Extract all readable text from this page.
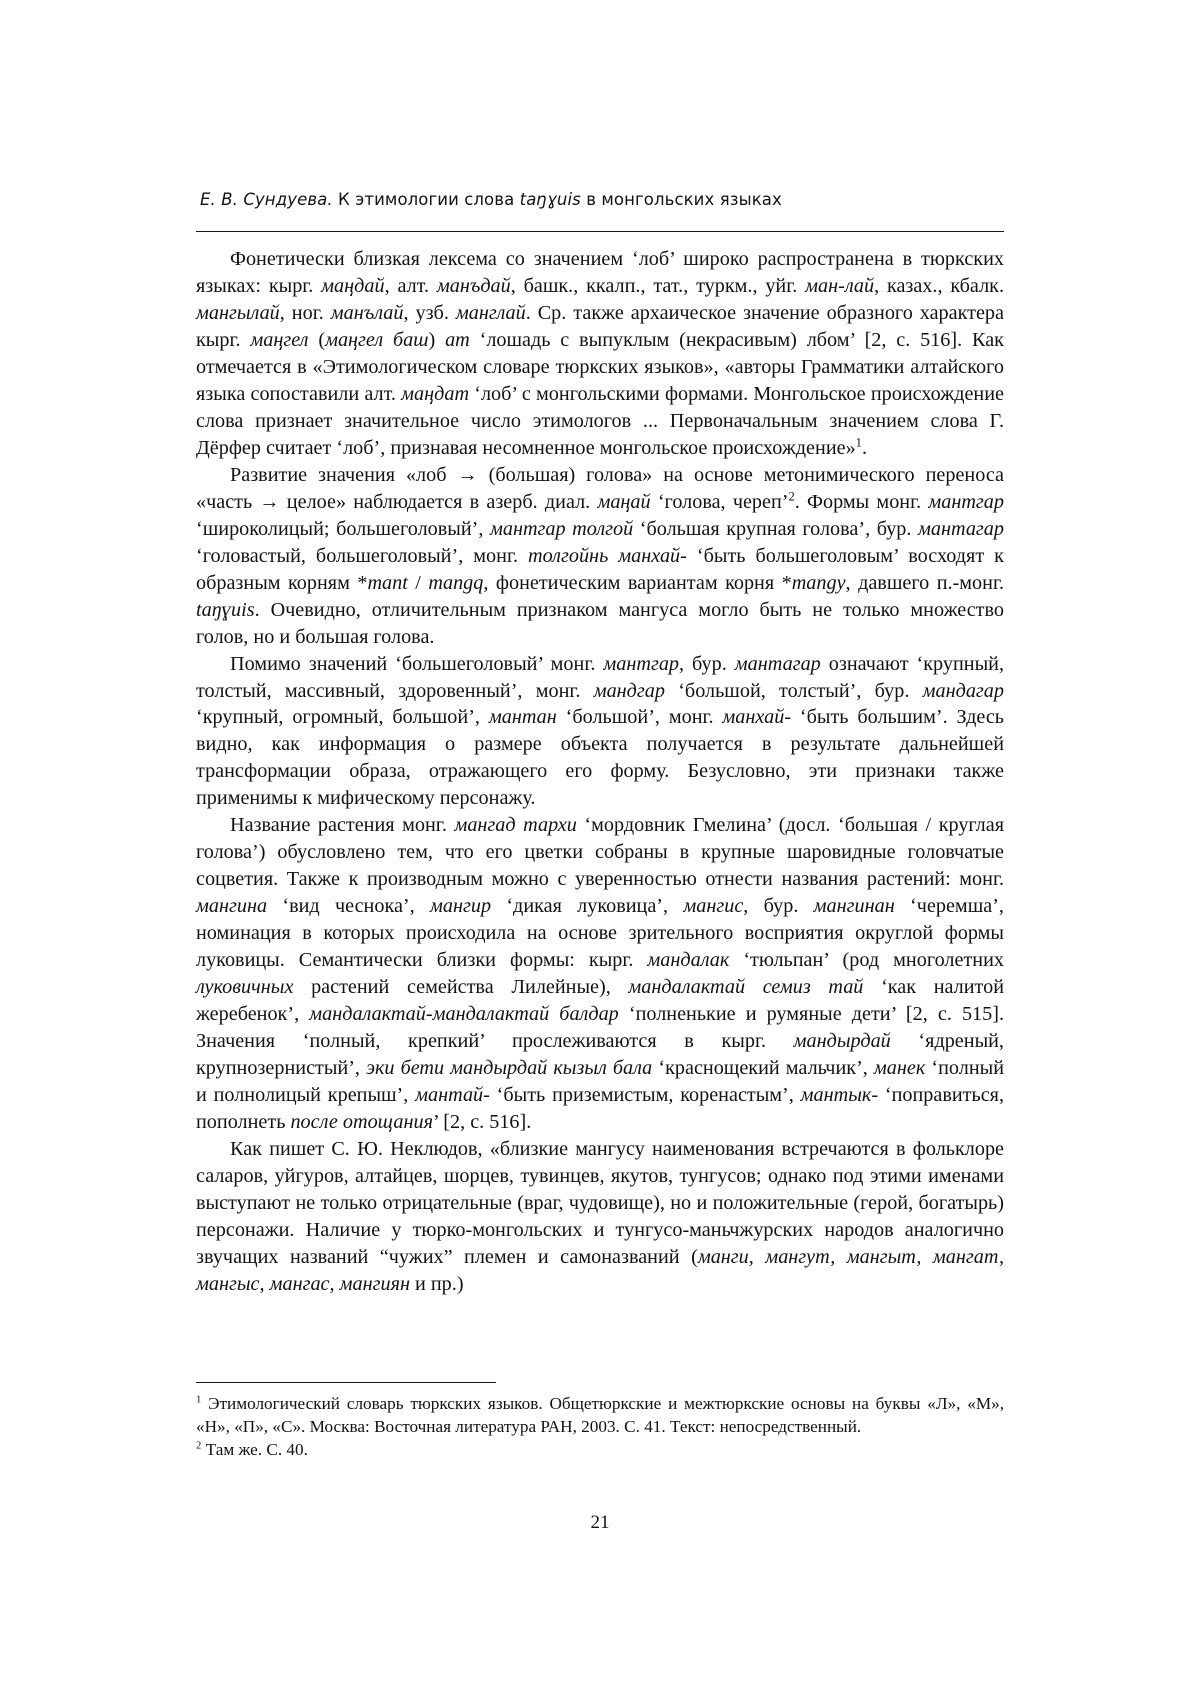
Е. В. Сундуева. К этимологии слова taŋɣuis в монгольских языках

Фонетически близкая лексема со значением ‘лоб’ широко распространена в тюркских языках: кырг. маңдай, алт. манъдай, башк., ккалп., тат., туркм., уйг. ман-лай, казах., кбалк. мангылай, ног. манълай, узб. манглай. Ср. также архаическое значение образного характера кырг. маңгел (маңгел баш) ат ‘лошадь с выпуклым (некрасивым) лбом’ [2, с. 516]. Как отмечается в «Этимологическом словаре тюркских языков», «авторы Грамматики алтайского языка сопоставили алт. маңдат ‘лоб’ с монгольскими формами. Монгольское происхождение слова признает значительное число этимологов ... Первоначальным значением слова Г. Дёрфер считает ‘лоб’, признавая несомненное монгольское происхождение»$^1$.

Развитие значения «лоб → (большая) голова» на основе метонимического переноса «часть → целое» наблюдается в азерб. диал. маңай ‘голова, череп’$^2$. Формы монг. мантгар ‘широколицый; большеголовый’, мантгар толгой ‘большая крупная голова’, бур. мантагар ‘головастый, большеголовый’, монг. толгойнь манхай- ‘быть большеголовым’ восходят к образным корням *mant / mangq, фонетическим вариантам корня *mangy, давшего п.-монг. taŋɣuis. Очевидно, отличительным признаком мангуса могло быть не только множество голов, но и большая голова.

Помимо значений ‘большеголовый’ монг. мантгар, бур. мантагар означают ‘крупный, толстый, массивный, здоровенный’, монг. мандгар ‘большой, толстый’, бур. мандагар ‘крупный, огромный, большой’, мантан ‘большой’, монг. манхай- ‘быть большим’. Здесь видно, как информация о размере объекта получается в результате дальнейшей трансформации образа, отражающего его форму. Безусловно, эти признаки также применимы к мифическому персонажу.

Название растения монг. мангад тархи ‘мордовник Гмелина’ (досл. ‘большая / круглая голова’) обусловлено тем, что его цветки собраны в крупные шаровидные головчатые соцветия. Также к производным можно с уверенностью отнести названия растений: монг. мангина ‘вид чеснока’, мангир ‘дикая луковица’, мангис, бур. мангинан ‘черемша’, номинация в которых происходила на основе зрительного восприятия округлой формы луковицы. Семантически близки формы: кырг. мандалак ‘тюльпан’ (род многолетних луковичных растений семейства Лилейные), мандалактай семиз тай ‘как налитой жеребенок’, мандалактай-мандалактай балдар ‘полненькие и румяные дети’ [2, с. 515]. Значения ‘полный, крепкий’ прослеживаются в кырг. мандырдай ‘ядреный, крупнозернистый’, эки бети мандырдай кызыл бала ‘краснощекий мальчик’, манек ‘полный и полнолицый крепыш’, мантай- ‘быть приземистым, коренастым’, мантык- ‘поправиться, пополнеть после отощания’ [2, с. 516].

Как пишет С. Ю. Неклюдов, «близкие мангусу наименования встречаются в фольклоре саларов, уйгуров, алтайцев, шорцев, тувинцев, якутов, тунгусов; однако под этими именами выступают не только отрицательные (враг, чудовище), но и положительные (герой, богатырь) персонажи. Наличие у тюрко-монгольских и тунгусо-маньчжурских народов аналогично звучащих названий “чужих” племен и самоназваний (манги, мангут, мангыт, мангат, мангыс, мангас, мангиян и пр.)

$^1$ Этимологический словарь тюркских языков. Общетюркские и межтюркские основы на буквы «Л», «М», «Н», «П», «С». Москва: Восточная литература РАН, 2003. С. 41. Текст: непосредственный.

$^2$ Там же. С. 40.

21
